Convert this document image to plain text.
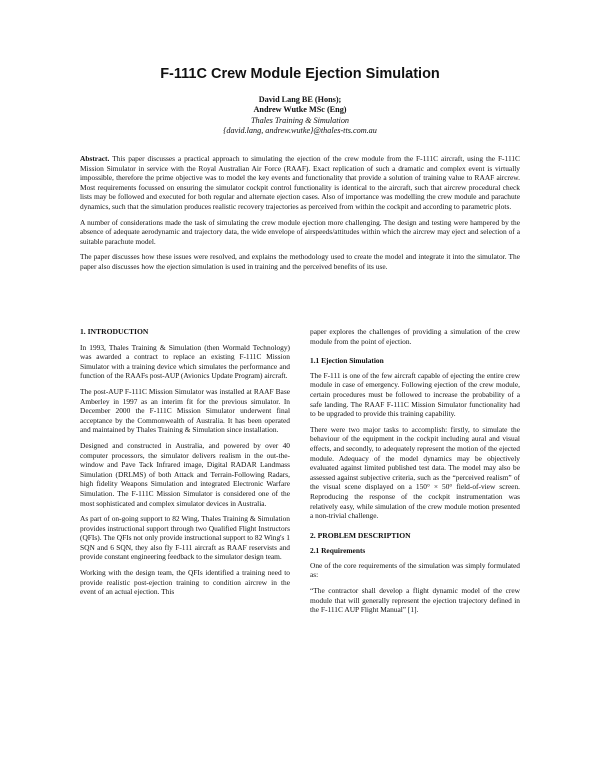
F-111C Crew Module Ejection Simulation
David Lang BE (Hons);
Andrew Wutke MSc (Eng)
Thales Training & Simulation
{david.lang, andrew.wutke}@thales-tts.com.au

Abstract. This paper discusses a practical approach to simulating the ejection of the crew module from the F-111C aircraft, using the F-111C Mission Simulator in service with the Royal Australian Air Force (RAAF). Exact replication of such a dramatic and complex event is virtually impossible, therefore the prime objective was to model the key events and functionality that provide a solution of training value to RAAF aircrew. Most requirements focussed on ensuring the simulator cockpit control functionality is identical to the aircraft, such that aircrew procedural check lists may be followed and executed for both regular and alternate ejection cases. Also of importance was modelling the crew module and parachute dynamics, such that the simulation produces realistic recovery trajectories as perceived from within the cockpit and according to parametric plots.

A number of considerations made the task of simulating the crew module ejection more challenging. The design and testing were hampered by the absence of adequate aerodynamic and trajectory data, the wide envelope of airspeeds/attitudes within which the aircrew may eject and selection of a suitable parachute model.

The paper discusses how these issues were resolved, and explains the methodology used to create the model and integrate it into the simulator. The paper also discusses how the ejection simulation is used in training and the perceived benefits of its use.

1. INTRODUCTION

In 1993, Thales Training & Simulation (then Wormald Technology) was awarded a contract to replace an existing F-111C Mission Simulator with a training device which simulates the performance and function of the RAAFs post-AUP (Avionics Update Program) aircraft.

The post-AUP F-111C Mission Simulator was installed at RAAF Base Amberley in 1997 as an interim fit for the previous simulator. In December 2000 the F-111C Mission Simulator underwent final acceptance by the Commonwealth of Australia. It has been operated and maintained by Thales Training & Simulation since installation.

Designed and constructed in Australia, and powered by over 40 computer processors, the simulator delivers realism in the out-the-window and Pave Tack Infrared image, Digital RADAR Landmass Simulation (DRLMS) of both Attack and Terrain-Following Radars, high fidelity Weapons Simulation and integrated Electronic Warfare Simulation. The F-111C Mission Simulator is considered one of the most sophisticated and complex simulator devices in Australia.

As part of on-going support to 82 Wing, Thales Training & Simulation provides instructional support through two Qualified Flight Instructors (QFIs). The QFIs not only provide instructional support to 82 Wing's 1 SQN and 6 SQN, they also fly F-111 aircraft as RAAF reservists and provide constant engineering feedback to the simulator design team.

Working with the design team, the QFIs identified a training need to provide realistic post-ejection training to condition aircrew in the event of an actual ejection. This

paper explores the challenges of providing a simulation of the crew module from the point of ejection.

1.1 Ejection Simulation

The F-111 is one of the few aircraft capable of ejecting the entire crew module in case of emergency. Following ejection of the crew module, certain procedures must be followed to increase the probability of a safe landing. The RAAF F-111C Mission Simulator functionality had to be upgraded to provide this training capability.

There were two major tasks to accomplish: firstly, to simulate the behaviour of the equipment in the cockpit including aural and visual effects, and secondly, to adequately represent the motion of the ejected module. Adequacy of the model dynamics may be objectively evaluated against limited published test data. The model may also be assessed against subjective criteria, such as the “perceived realism” of the visual scene displayed on a 150° × 50° field-of-view screen. Reproducing the response of the cockpit instrumentation was relatively easy, while simulation of the crew module motion presented a non-trivial challenge.

2. PROBLEM DESCRIPTION
2.1 Requirements

One of the core requirements of the simulation was simply formulated as:

“The contractor shall develop a flight dynamic model of the crew module that will generally represent the ejection trajectory defined in the F-111C AUP Flight Manual” [1].
